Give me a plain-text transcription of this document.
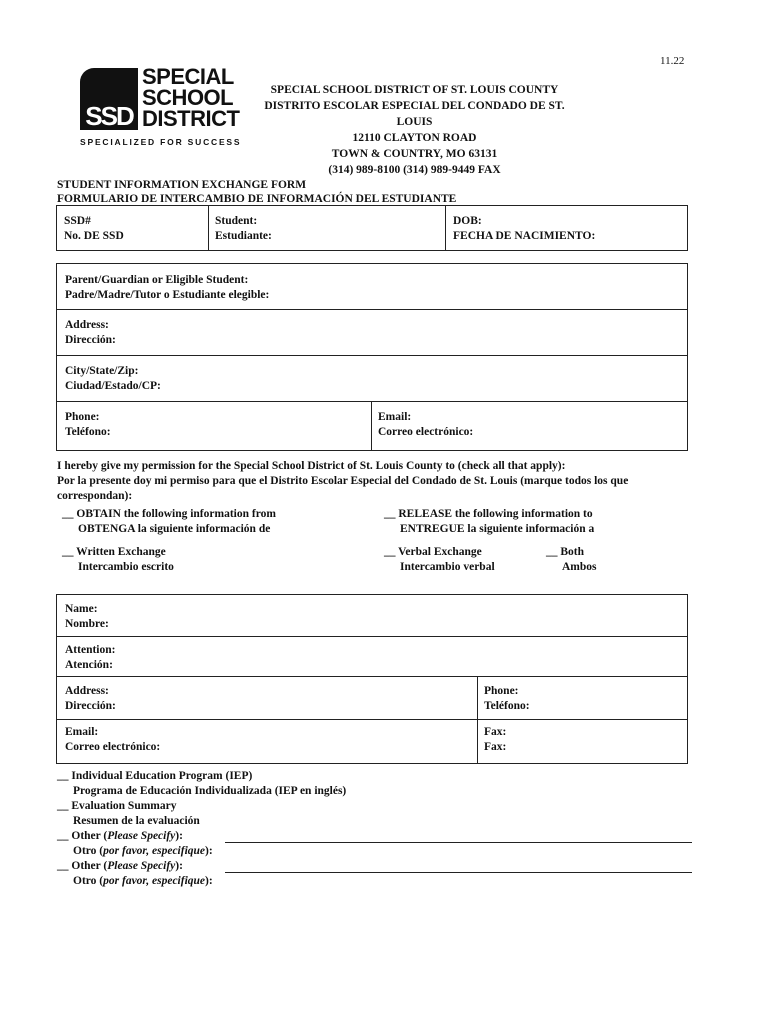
11.22
SSD
SPECIAL
SCHOOL
DISTRICT
SPECIALIZED FOR SUCCESS
SPECIAL SCHOOL DISTRICT OF ST. LOUIS COUNTY
DISTRITO ESCOLAR ESPECIAL DEL CONDADO DE ST. LOUIS
12110 CLAYTON ROAD
TOWN & COUNTRY, MO 63131
(314) 989-8100 (314) 989-9449 FAX
STUDENT INFORMATION EXCHANGE FORM
FORMULARIO DE INTERCAMBIO DE INFORMACIÓN DEL ESTUDIANTE
SSD#
No. DE SSD
Student:
Estudiante:
DOB:
FECHA DE NACIMIENTO:
Parent/Guardian or Eligible Student:
Padre/Madre/Tutor o Estudiante elegible:
Address:
Dirección:
City/State/Zip:
Ciudad/Estado/CP:
Phone:
Teléfono:
Email:
Correo electrónico:
I hereby give my permission for the Special School District of St. Louis County to (check all that apply):
Por la presente doy mi permiso para que el Distrito Escolar Especial del Condado de St. Louis (marque todos los que
correspondan):
__ OBTAIN the following information from
OBTENGA la siguiente información de
__ RELEASE the following information to
ENTREGUE la siguiente información a
__ Written Exchange
Intercambio escrito
__ Verbal Exchange
Intercambio verbal
__ Both
Ambos
Name:
Nombre:
Attention:
Atención:
Address:
Dirección:
Phone:
Teléfono:
Email:
Correo electrónico:
Fax:
Fax:
__ Individual Education Program (IEP)
Programa de Educación Individualizada (IEP en inglés)
__ Evaluation Summary
Resumen de la evaluación
__ Other (Please Specify):
Otro (por favor, especifique):
__ Other (Please Specify):
Otro (por favor, especifique):
